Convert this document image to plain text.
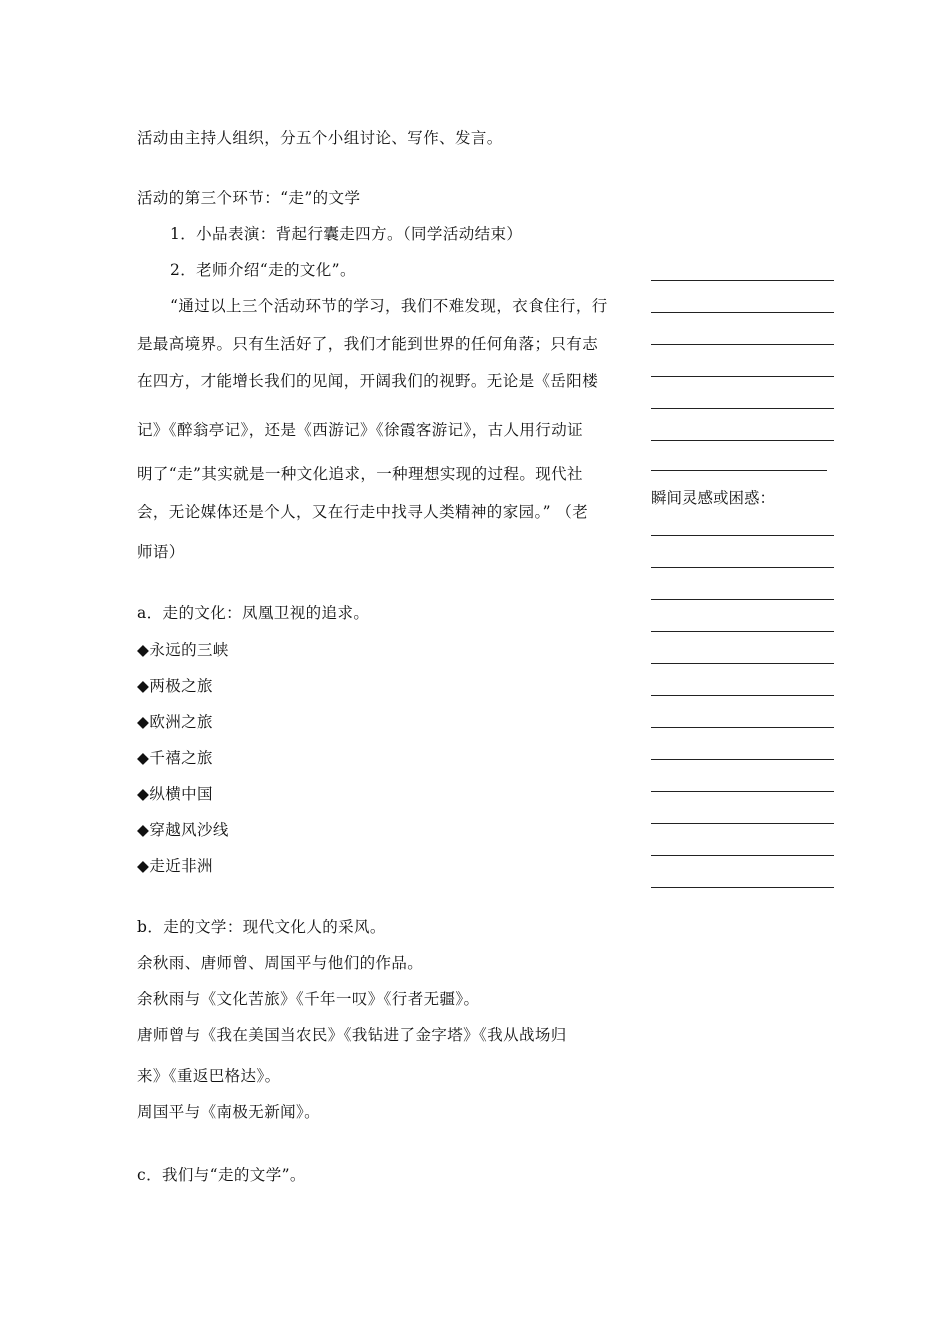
活动由主持人组织，分五个小组讨论、写作、发言。
活动的第三个环节：“走”的文学
1．小品表演：背起行囊走四方。（同学活动结束）
2．老师介绍“走的文化”。
“通过以上三个活动环节的学习，我们不难发现，衣食住行，行
是最高境界。只有生活好了，我们才能到世界的任何角落；只有志
在四方，才能增长我们的见闻，开阔我们的视野。无论是《岳阳楼
记》《醉翁亭记》，还是《西游记》《徐霞客游记》，古人用行动证
明了“走”其实就是一种文化追求，一种理想实现的过程。现代社
会，无论媒体还是个人，又在行走中找寻人类精神的家园。” （老
师语）
a．走的文化：凤凰卫视的追求。
◆永远的三峡
◆两极之旅
◆欧洲之旅
◆千禧之旅
◆纵横中国
◆穿越风沙线
◆走近非洲
b．走的文学：现代文化人的采风。
余秋雨、唐师曾、周国平与他们的作品。
余秋雨与《文化苦旅》《千年一叹》《行者无疆》。
唐师曾与《我在美国当农民》《我钻进了金字塔》《我从战场归
来》《重返巴格达》。
周国平与《南极无新闻》。
c．我们与“走的文学”。
瞬间灵感或困惑：
